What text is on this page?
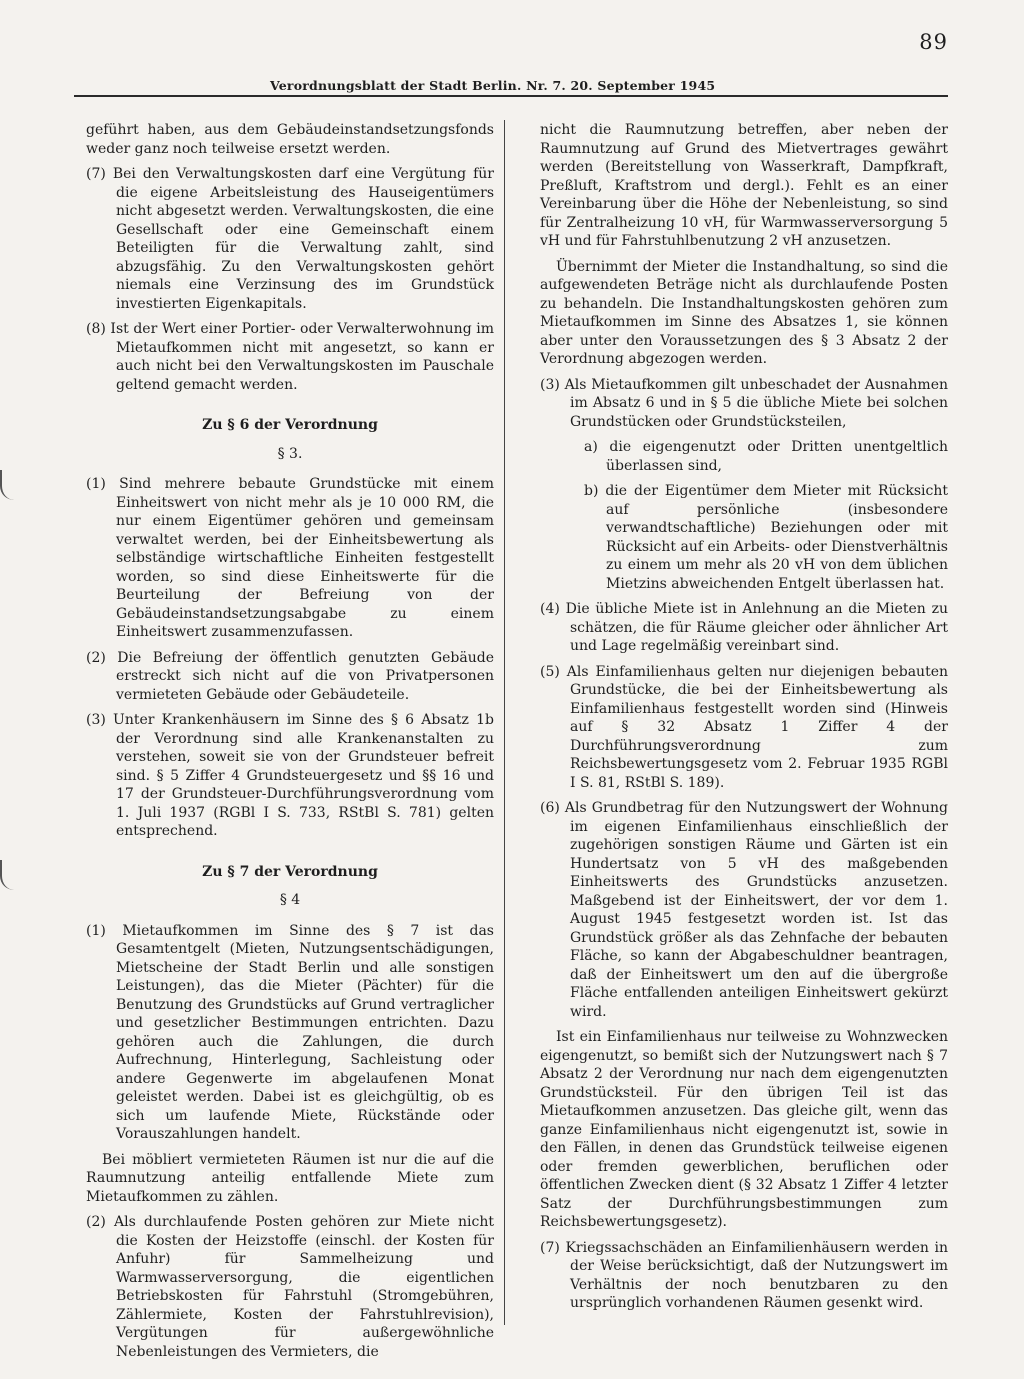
89
Verordnungsblatt der Stadt Berlin. Nr. 7. 20. September 1945

geführt haben, aus dem Gebäudeinstandsetzungsfonds weder ganz noch teilweise ersetzt werden.

(7) Bei den Verwaltungskosten darf eine Vergütung für die eigene Arbeitsleistung des Hauseigentümers nicht abgesetzt werden. Verwaltungskosten, die eine Gesellschaft oder eine Gemeinschaft einem Beteiligten für die Verwaltung zahlt, sind abzugsfähig. Zu den Verwaltungskosten gehört niemals eine Verzinsung des im Grundstück investierten Eigenkapitals.

(8) Ist der Wert einer Portier- oder Verwalterwohnung im Mietaufkommen nicht mit angesetzt, so kann er auch nicht bei den Verwaltungskosten im Pauschale geltend gemacht werden.

Zu § 6 der Verordnung

§ 3.

(1) Sind mehrere bebaute Grundstücke mit einem Einheitswert von nicht mehr als je 10 000 RM, die nur einem Eigentümer gehören und gemeinsam verwaltet werden, bei der Einheitsbewertung als selbständige wirtschaftliche Einheiten festgestellt worden, so sind diese Einheitswerte für die Beurteilung der Befreiung von der Gebäudeinstandsetzungsabgabe zu einem Einheitswert zusammenzufassen.

(2) Die Befreiung der öffentlich genutzten Gebäude erstreckt sich nicht auf die von Privatpersonen vermieteten Gebäude oder Gebäudeteile.

(3) Unter Krankenhäusern im Sinne des § 6 Absatz 1b der Verordnung sind alle Krankenanstalten zu verstehen, soweit sie von der Grundsteuer befreit sind. § 5 Ziffer 4 Grundsteuergesetz und §§ 16 und 17 der Grundsteuer-Durchführungsverordnung vom 1. Juli 1937 (RGBl I S. 733, RStBl S. 781) gelten entsprechend.

Zu § 7 der Verordnung

§ 4

(1) Mietaufkommen im Sinne des § 7 ist das Gesamtentgelt (Mieten, Nutzungsentschädigungen, Mietscheine der Stadt Berlin und alle sonstigen Leistungen), das die Mieter (Pächter) für die Benutzung des Grundstücks auf Grund vertraglicher und gesetzlicher Bestimmungen entrichten. Dazu gehören auch die Zahlungen, die durch Aufrechnung, Hinterlegung, Sachleistung oder andere Gegenwerte im abgelaufenen Monat geleistet werden. Dabei ist es gleichgültig, ob es sich um laufende Miete, Rückstände oder Vorauszahlungen handelt.

Bei möbliert vermieteten Räumen ist nur die auf die Raumnutzung anteilig entfallende Miete zum Mietaufkommen zu zählen.

(2) Als durchlaufende Posten gehören zur Miete nicht die Kosten der Heizstoffe (einschl. der Kosten für Anfuhr) für Sammelheizung und Warmwasserversorgung, die eigentlichen Betriebskosten für Fahrstuhl (Stromgebühren, Zählermiete, Kosten der Fahrstuhlrevision), Vergütungen für außergewöhnliche Nebenleistungen des Vermieters, die

nicht die Raumnutzung betreffen, aber neben der Raumnutzung auf Grund des Mietvertrages gewährt werden (Bereitstellung von Wasserkraft, Dampfkraft, Preßluft, Kraftstrom und dergl.). Fehlt es an einer Vereinbarung über die Höhe der Nebenleistung, so sind für Zentralheizung 10 vH, für Warmwasserversorgung 5 vH und für Fahrstuhlbenutzung 2 vH anzusetzen.

Übernimmt der Mieter die Instandhaltung, so sind die aufgewendeten Beträge nicht als durchlaufende Posten zu behandeln. Die Instandhaltungskosten gehören zum Mietaufkommen im Sinne des Absatzes 1, sie können aber unter den Voraussetzungen des § 3 Absatz 2 der Verordnung abgezogen werden.

(3) Als Mietaufkommen gilt unbeschadet der Ausnahmen im Absatz 6 und in § 5 die übliche Miete bei solchen Grundstücken oder Grundstücksteilen,

a) die eigengenutzt oder Dritten unentgeltlich überlassen sind,

b) die der Eigentümer dem Mieter mit Rücksicht auf persönliche (insbesondere verwandtschaftliche) Beziehungen oder mit Rücksicht auf ein Arbeits- oder Dienstverhältnis zu einem um mehr als 20 vH von dem üblichen Mietzins abweichenden Entgelt überlassen hat.

(4) Die übliche Miete ist in Anlehnung an die Mieten zu schätzen, die für Räume gleicher oder ähnlicher Art und Lage regelmäßig vereinbart sind.

(5) Als Einfamilienhaus gelten nur diejenigen bebauten Grundstücke, die bei der Einheitsbewertung als Einfamilienhaus festgestellt worden sind (Hinweis auf § 32 Absatz 1 Ziffer 4 der Durchführungsverordnung zum Reichsbewertungsgesetz vom 2. Februar 1935 RGBl I S. 81, RStBl S. 189).

(6) Als Grundbetrag für den Nutzungswert der Wohnung im eigenen Einfamilienhaus einschließlich der zugehörigen sonstigen Räume und Gärten ist ein Hundertsatz von 5 vH des maßgebenden Einheitswerts des Grundstücks anzusetzen. Maßgebend ist der Einheitswert, der vor dem 1. August 1945 festgesetzt worden ist. Ist das Grundstück größer als das Zehnfache der bebauten Fläche, so kann der Abgabeschuldner beantragen, daß der Einheitswert um den auf die übergroße Fläche entfallenden anteiligen Einheitswert gekürzt wird.

Ist ein Einfamilienhaus nur teilweise zu Wohnzwecken eigengenutzt, so bemißt sich der Nutzungswert nach § 7 Absatz 2 der Verordnung nur nach dem eigengenutzten Grundstücksteil. Für den übrigen Teil ist das Mietaufkommen anzusetzen. Das gleiche gilt, wenn das ganze Einfamilienhaus nicht eigengenutzt ist, sowie in den Fällen, in denen das Grundstück teilweise eigenen oder fremden gewerblichen, beruflichen oder öffentlichen Zwecken dient (§ 32 Absatz 1 Ziffer 4 letzter Satz der Durchführungsbestimmungen zum Reichsbewertungsgesetz).

(7) Kriegssachschäden an Einfamilienhäusern werden in der Weise berücksichtigt, daß der Nutzungswert im Verhältnis der noch benutzbaren zu den ursprünglich vorhandenen Räumen gesenkt wird.
